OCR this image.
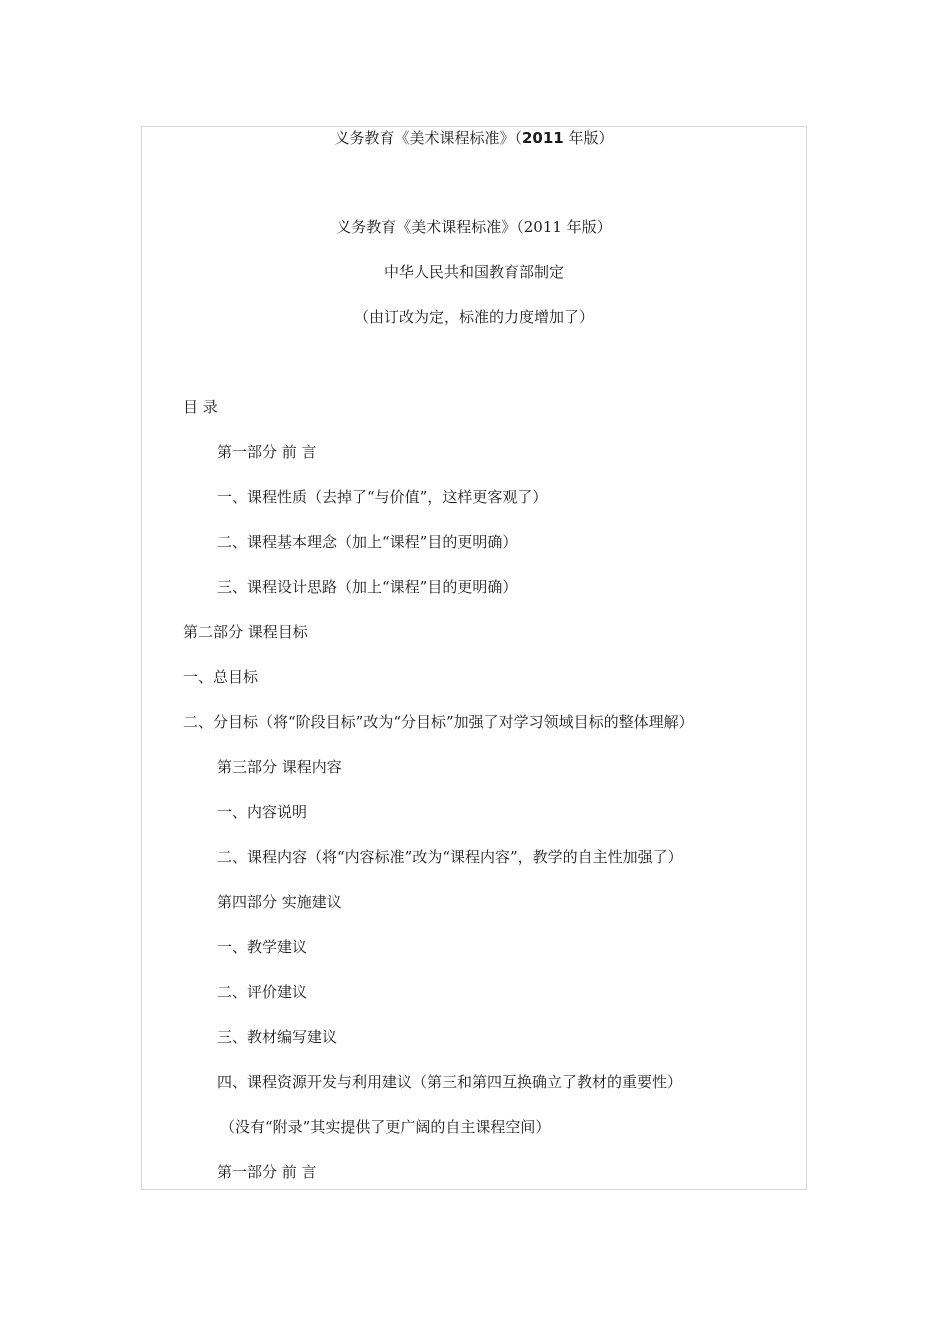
义务教育《美术课程标准》（2011 年版）
义务教育《美术课程标准》（2011 年版）
中华人民共和国教育部制定
（由订改为定，标准的力度增加了）
目 录
第一部分 前 言
一、课程性质（去掉了“与价值”，这样更客观了）
二、课程基本理念（加上“课程”目的更明确）
三、课程设计思路（加上“课程”目的更明确）
第二部分 课程目标
一、总目标
二、分目标（将“阶段目标”改为“分目标”加强了对学习领域目标的整体理解）
第三部分 课程内容
一、内容说明
二、课程内容（将“内容标准”改为“课程内容”，教学的自主性加强了）
第四部分 实施建议
一、教学建议
二、评价建议
三、教材编写建议
四、课程资源开发与利用建议（第三和第四互换确立了教材的重要性）
（没有“附录”其实提供了更广阔的自主课程空间）
第一部分 前 言
